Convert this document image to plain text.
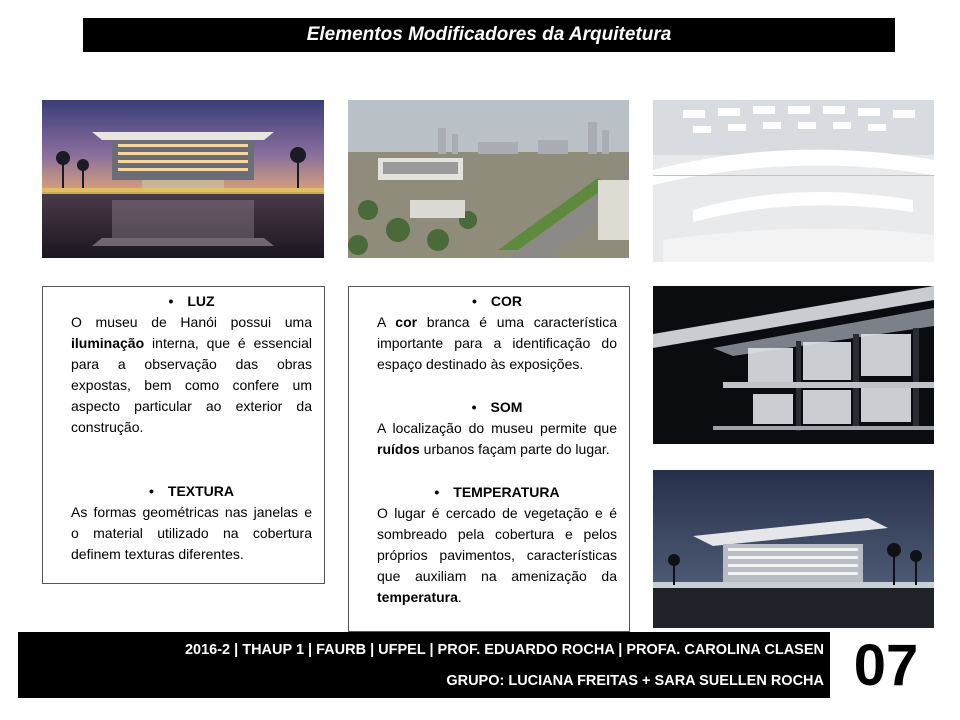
Elementos Modificadores da Arquitetura

• LUZ

O museu de Hanói possui uma iluminação interna, que é essencial para a observação das obras expostas, bem como confere um aspecto particular ao exterior da construção.

• TEXTURA

As formas geométricas nas janelas e o material utilizado na cobertura definem texturas diferentes.

• COR

A cor branca é uma característica importante para a identificação do espaço destinado às exposições.

• SOM

A localização do museu permite que ruídos urbanos façam parte do lugar.

• TEMPERATURA

O lugar é cercado de vegetação e é sombreado pela cobertura e pelos próprios pavimentos, características que auxiliam na amenização da temperatura.

2016-2 | THAUP 1 | FAURB | UFPEL | PROF. EDUARDO ROCHA | PROFA. CAROLINA CLASEN
GRUPO: LUCIANA FREITAS + SARA SUELLEN ROCHA 07
